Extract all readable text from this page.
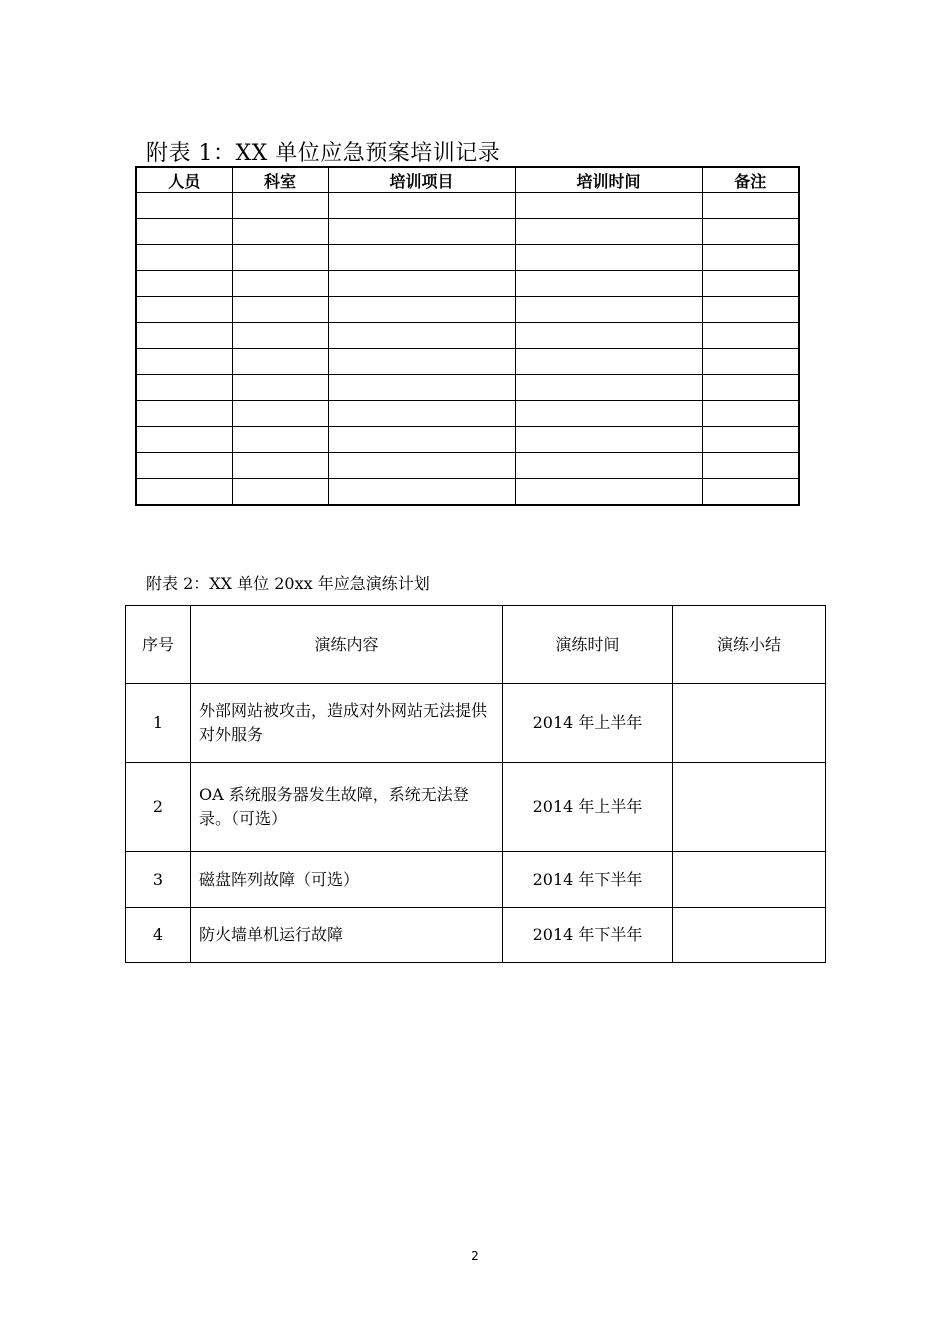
附表 1：XX 单位应急预案培训记录
人员	科室	培训项目	培训时间	备注

附表 2：XX 单位 20xx 年应急演练计划
序号	演练内容	演练时间	演练小结
1	外部网站被攻击，造成对外网站无法提供对外服务	2014 年上半年	
2	OA 系统服务器发生故障，系统无法登录。（可选）	2014 年上半年	
3	磁盘阵列故障（可选）	2014 年下半年	
4	防火墙单机运行故障	2014 年下半年	
2
